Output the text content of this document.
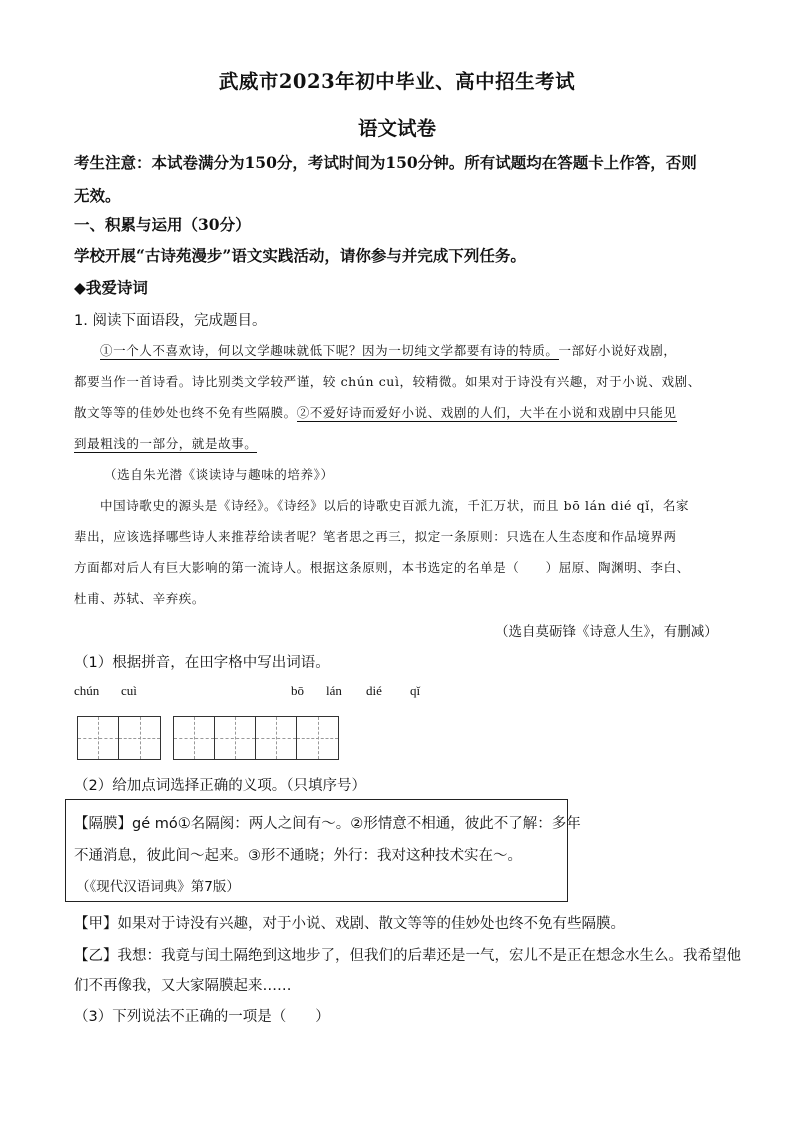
武威市2023年初中毕业、高中招生考试
语文试卷
考生注意：本试卷满分为150分，考试时间为150分钟。所有试题均在答题卡上作答，否则
无效。
一、积累与运用（30分）
学校开展“古诗苑漫步”语文实践活动，请你参与并完成下列任务。
◆我爱诗词
1. 阅读下面语段，完成题目。
①一个人不喜欢诗，何以文学趣味就低下呢？因为一切纯文学都要有诗的特质。一部好小说好戏剧，
都要当作一首诗看。诗比别类文学较严谨，较 chún cuì，较精微。如果对于诗没有兴趣，对于小说、戏剧、
散文等等的佳妙处也终不免有些隔膜。②不爱好诗而爱好小说、戏剧的人们，大半在小说和戏剧中只能见
到最粗浅的一部分，就是故事。
（选自朱光潜《谈读诗与趣味的培养》）
中国诗歌史的源头是《诗经》。《诗经》以后的诗歌史百派九流，千汇万状，而且 bō lán dié qǐ，名家
辈出，应该选择哪些诗人来推荐给读者呢？笔者思之再三，拟定一条原则：只选在人生态度和作品境界两
方面都对后人有巨大影响的第一流诗人。根据这条原则，本书选定的名单是（　　）屈原、陶渊明、李白、
杜甫、苏轼、辛弃疾。
（选自莫砺锋《诗意人生》，有删减）
（1）根据拼音，在田字格中写出词语。
chún cuì	bō lán dié qǐ
（2）给加点词选择正确的义项。（只填序号）
【隔膜】gé mó①名隔阂：两人之间有～。②形情意不相通，彼此不了解：多年
不通消息，彼此间～起来。③形不通晓；外行：我对这种技术实在～。
（《现代汉语词典》第7版）
【甲】如果对于诗没有兴趣，对于小说、戏剧、散文等等的佳妙处也终不免有些隔膜。
【乙】我想：我竟与闰土隔绝到这地步了，但我们的后辈还是一气，宏儿不是正在想念水生么。我希望他
们不再像我，又大家隔膜起来……
（3）下列说法不正确的一项是（　　）
